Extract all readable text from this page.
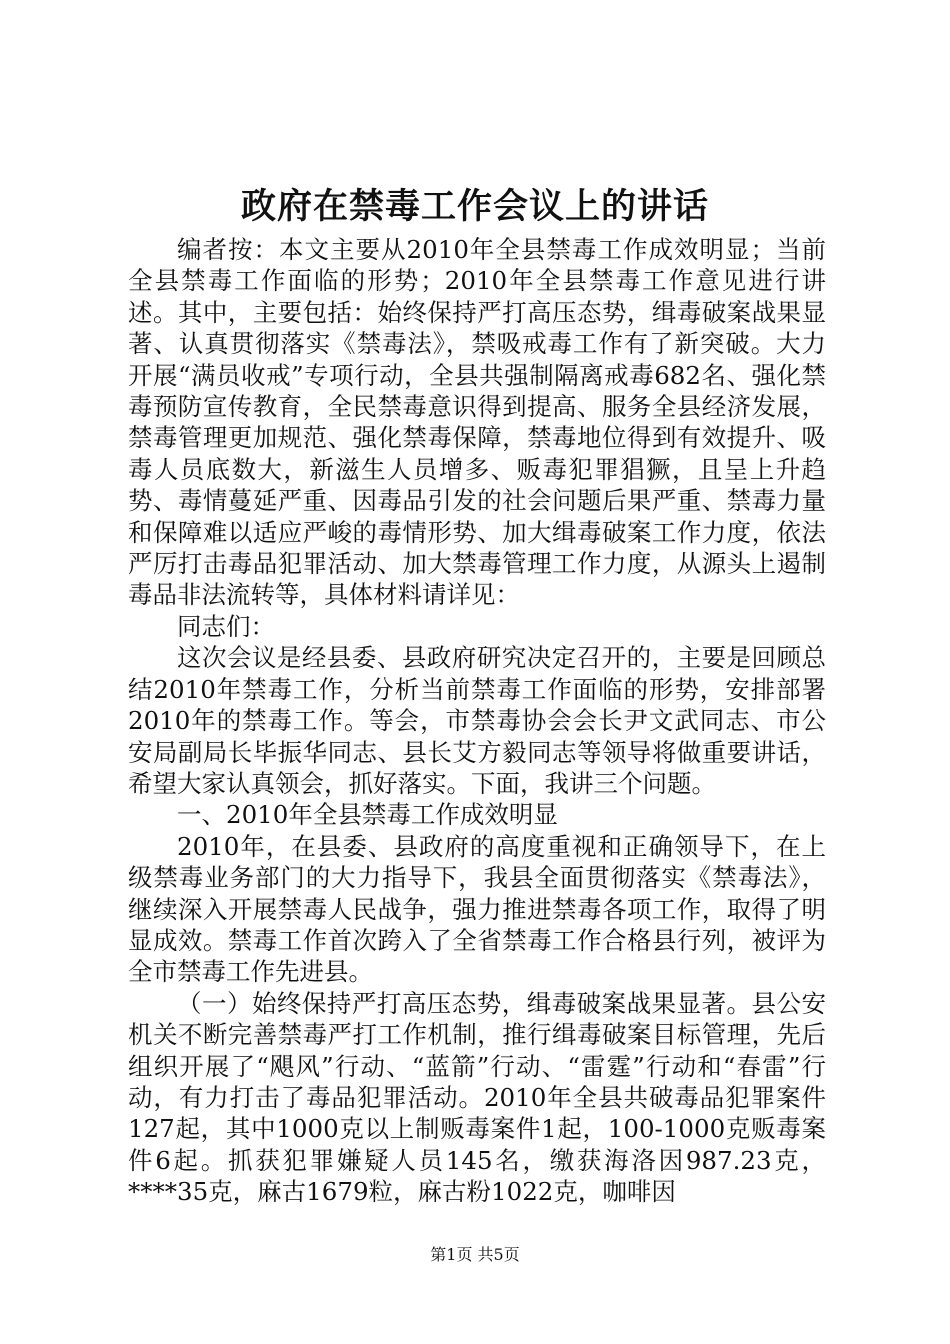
政府在禁毒工作会议上的讲话

编者按：本文主要从2010年全县禁毒工作成效明显；当前全县禁毒工作面临的形势；2010年全县禁毒工作意见进行讲述。其中，主要包括：始终保持严打高压态势，缉毒破案战果显著、认真贯彻落实《禁毒法》，禁吸戒毒工作有了新突破。大力开展“满员收戒”专项行动，全县共强制隔离戒毒682名、强化禁毒预防宣传教育，全民禁毒意识得到提高、服务全县经济发展，禁毒管理更加规范、强化禁毒保障，禁毒地位得到有效提升、吸毒人员底数大，新滋生人员增多、贩毒犯罪猖獗，且呈上升趋势、毒情蔓延严重、因毒品引发的社会问题后果严重、禁毒力量和保障难以适应严峻的毒情形势、加大缉毒破案工作力度，依法严厉打击毒品犯罪活动、加大禁毒管理工作力度，从源头上遏制毒品非法流转等，具体材料请详见：

同志们：

这次会议是经县委、县政府研究决定召开的，主要是回顾总结2010年禁毒工作，分析当前禁毒工作面临的形势，安排部署2010年的禁毒工作。等会，市禁毒协会会长尹文武同志、市公安局副局长毕振华同志、县长艾方毅同志等领导将做重要讲话，希望大家认真领会，抓好落实。下面，我讲三个问题。

一、2010年全县禁毒工作成效明显

2010年，在县委、县政府的高度重视和正确领导下，在上级禁毒业务部门的大力指导下，我县全面贯彻落实《禁毒法》，继续深入开展禁毒人民战争，强力推进禁毒各项工作，取得了明显成效。禁毒工作首次跨入了全省禁毒工作合格县行列，被评为全市禁毒工作先进县。

（一）始终保持严打高压态势，缉毒破案战果显著。县公安机关不断完善禁毒严打工作机制，推行缉毒破案目标管理，先后组织开展了“飓风”行动、“蓝箭”行动、“雷霆”行动和“春雷”行动，有力打击了毒品犯罪活动。2010年全县共破毒品犯罪案件127起，其中1000克以上制贩毒案件1起，100-1000克贩毒案件6起。抓获犯罪嫌疑人员145名，缴获海洛因987.23克，****35克，麻古1679粒，麻古粉1022克，咖啡因

第1页 共5页
